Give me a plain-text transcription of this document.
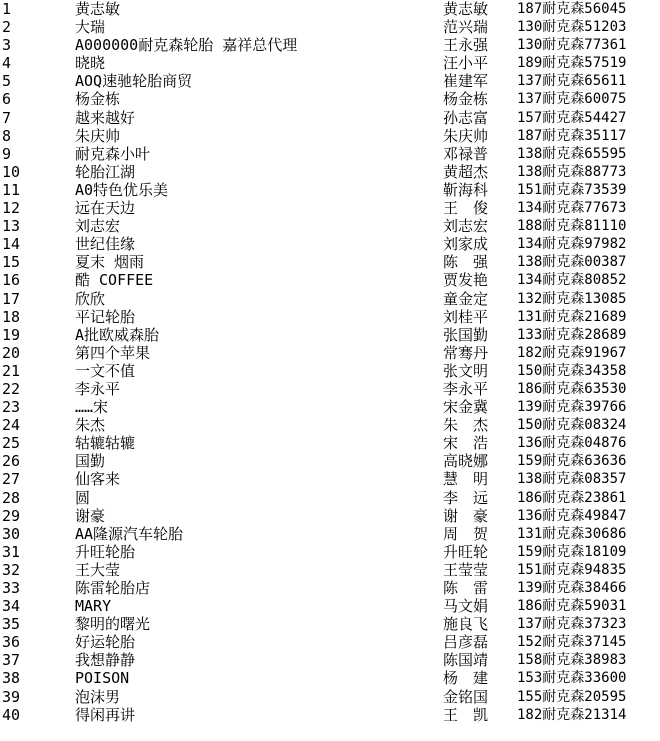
1	黄志敏	黄志敏 187耐克森56045
2	大瑞	范兴瑞 130耐克森51203
3	A000000耐克森轮胎 嘉祥总代理	王永强 130耐克森77361
4	晓晓	汪小平 189耐克森57519
5	AOQ速驰轮胎商贸	崔建军 137耐克森65611
6	杨金栋	杨金栋 137耐克森60075
7	越来越好	孙志富 157耐克森54427
8	朱庆帅	朱庆帅 187耐克森35117
9	耐克森小叶	邓禄普 138耐克森65595
10	轮胎江湖	黄超杰 138耐克森88773
11	A0特色优乐美	靳海科 151耐克森73539
12	远在天边	王　俊 134耐克森77673
13	刘志宏	刘志宏 188耐克森81110
14	世纪佳缘	刘家成 134耐克森97982
15	夏末 烟雨	陈　强 138耐克森00387
16	酷 COFFEE	贾发艳 134耐克森80852
17	欣欣	童金定 132耐克森13085
18	平记轮胎	刘桂平 131耐克森21689
19	A批欧威森胎	张国勤 133耐克森28689
20	第四个苹果	常骞丹 182耐克森91967
21	一文不值	张文明 150耐克森34358
22	李永平	李永平 186耐克森63530
23	……宋	宋金冀 139耐克森39766
24	朱杰	朱　杰 150耐克森08324
25	轱辘轱辘	宋　浩 136耐克森04876
26	国勤	高晓娜 159耐克森63636
27	仙客来	慧　明 138耐克森08357
28	圆	李　远 186耐克森23861
29	谢豪	谢　豪 136耐克森49847
30	AA隆源汽车轮胎	周　贺 131耐克森30686
31	升旺轮胎	升旺轮 159耐克森18109
32	王大莹	王莹莹 151耐克森94835
33	陈雷轮胎店	陈　雷 139耐克森38466
34	MARY	马文娟 186耐克森59031
35	黎明的曙光	施良飞 137耐克森37323
36	好运轮胎	吕彦磊 152耐克森37145
37	我想静静	陈国靖 158耐克森38983
38	POISON	杨　建 153耐克森33600
39	泡沫男	金铭国 155耐克森20595
40	得闲再讲	王　凯 182耐克森21314
